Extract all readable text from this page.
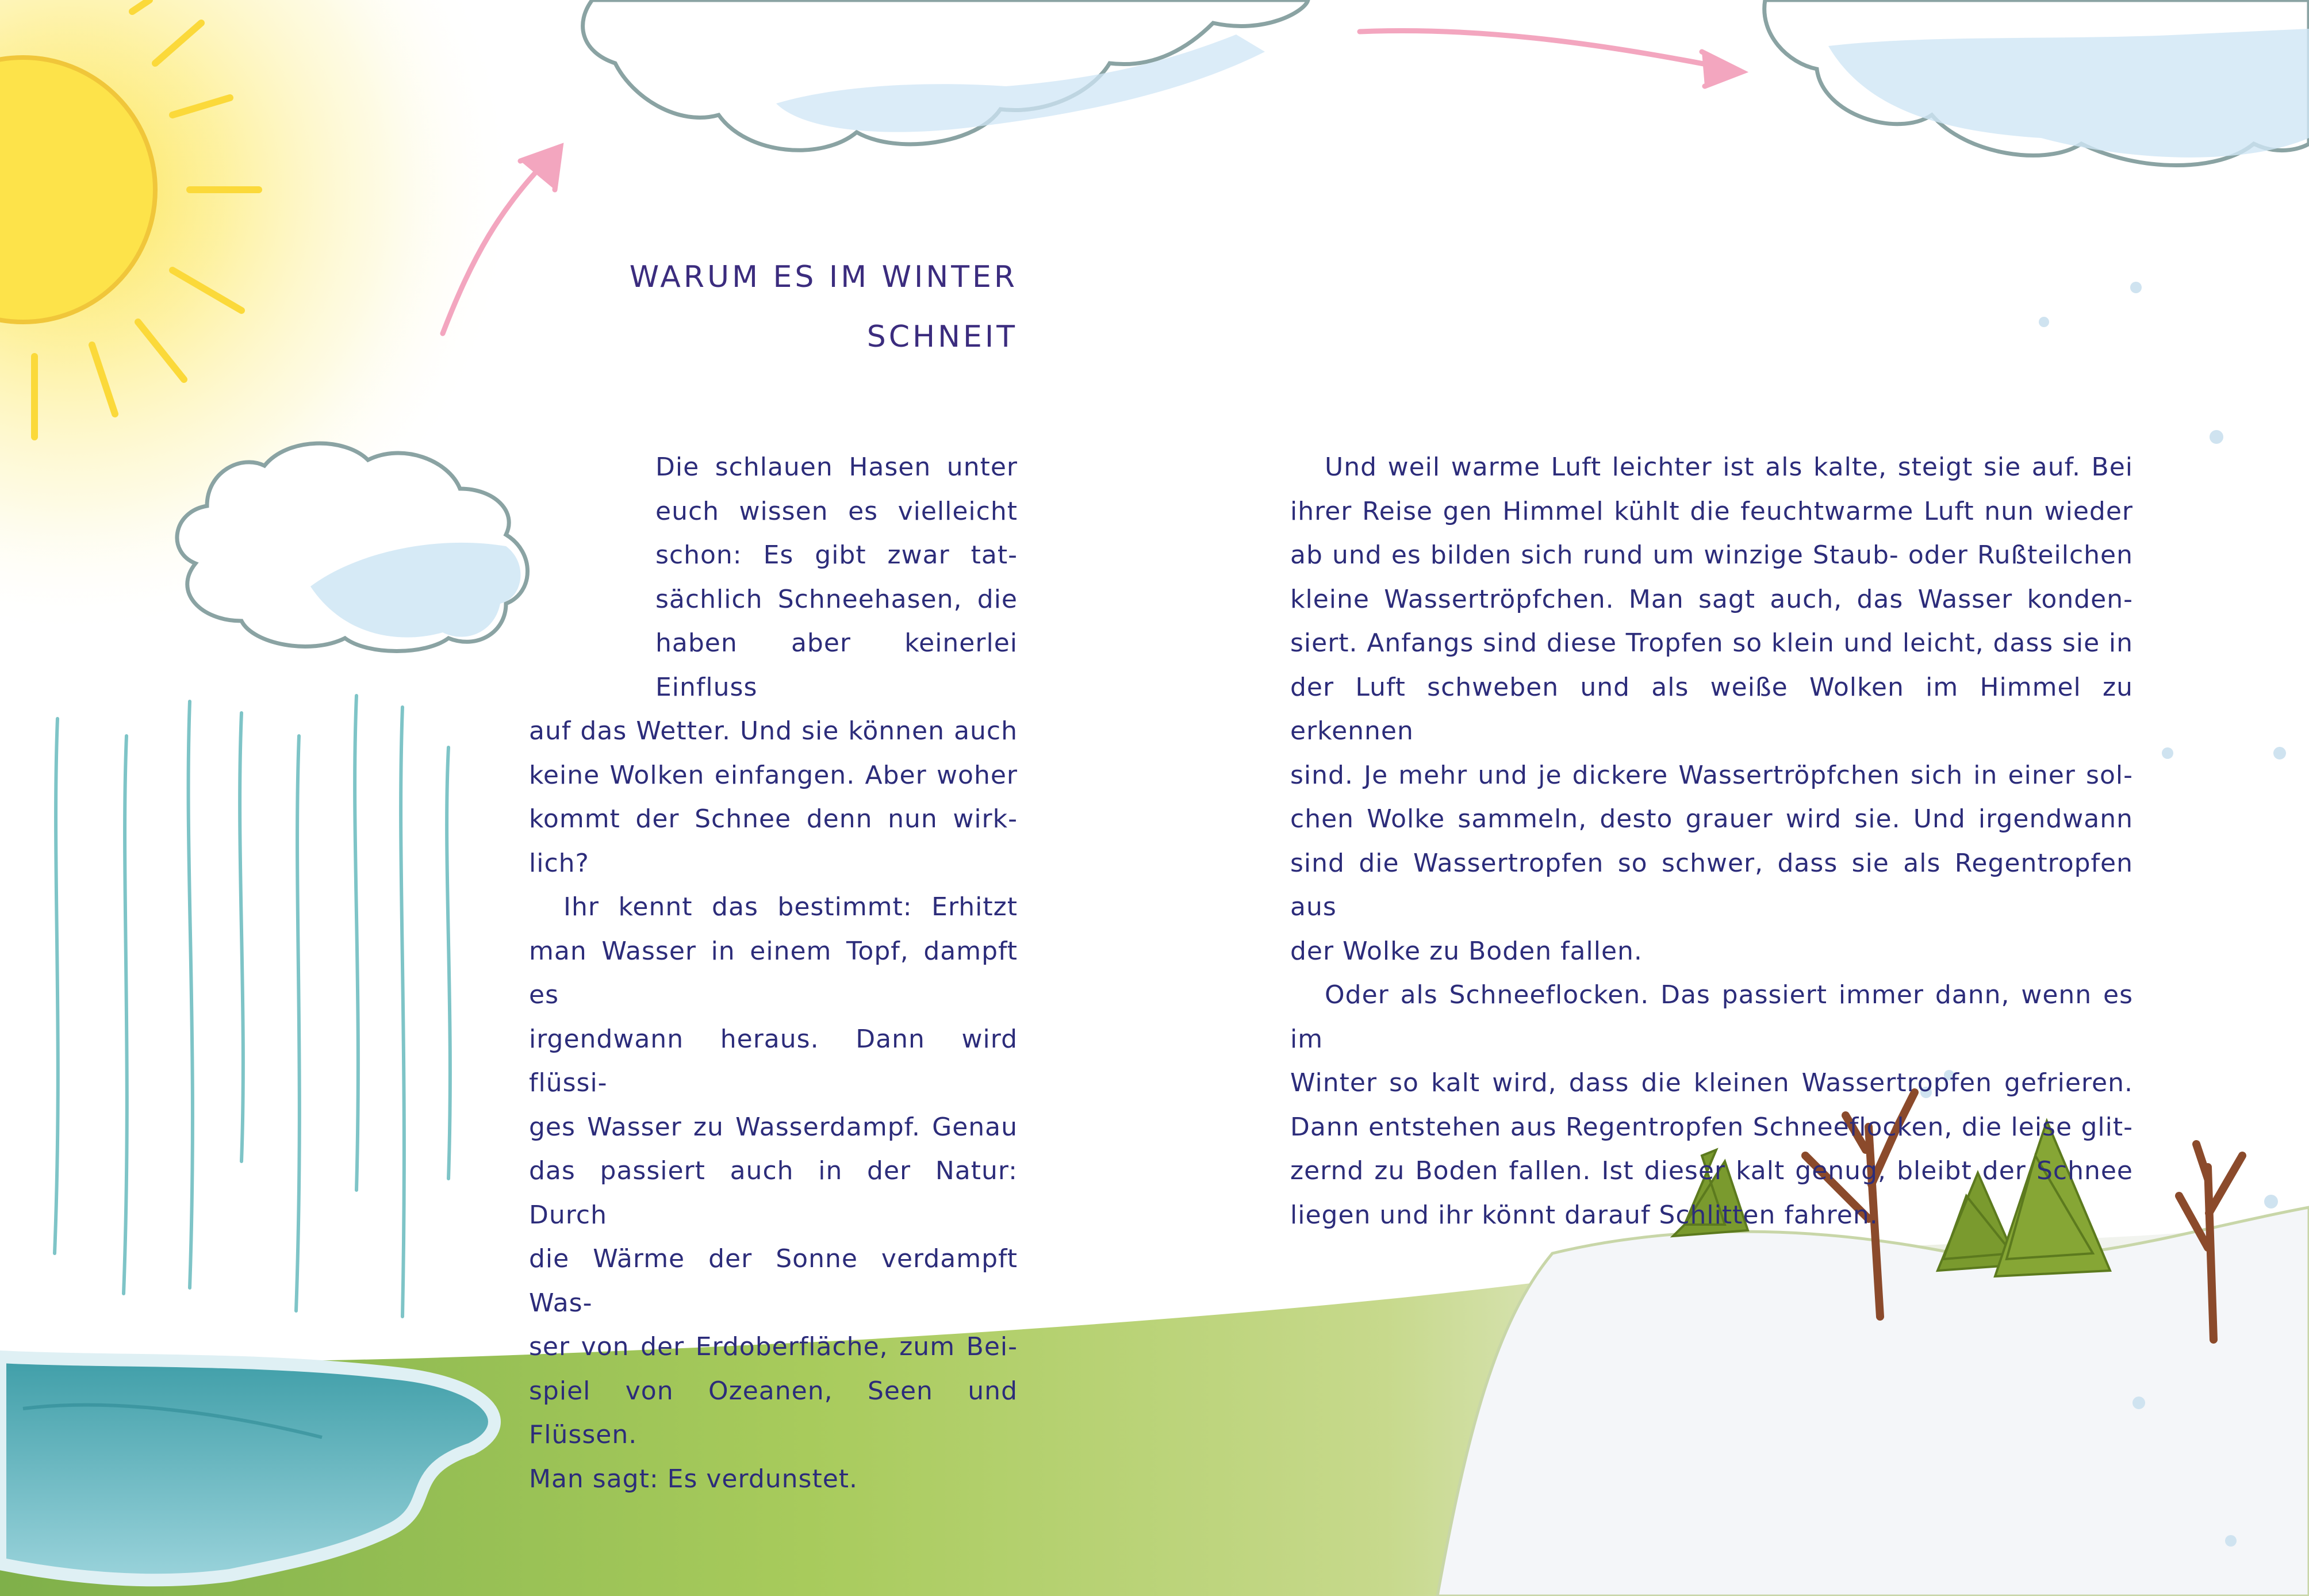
WARUM ES IM WINTER
SCHNEIT

Die schlauen Hasen unter

euch wissen es vielleicht

schon: Es gibt zwar tat-

sächlich Schneehasen, die

haben aber keinerlei Einfluss

auf das Wetter. Und sie können auch

keine Wolken einfangen. Aber woher

kommt der Schnee denn nun wirk-

lich?

Ihr kennt das bestimmt: Erhitzt

man Wasser in einem Topf, dampft es

irgendwann heraus. Dann wird flüssi-

ges Wasser zu Wasserdampf. Genau

das passiert auch in der Natur: Durch

die Wärme der Sonne verdampft Was-

ser von der Erdoberfläche, zum Bei-

spiel von Ozeanen, Seen und Flüssen.

Man sagt: Es verdunstet.

Und weil warme Luft leichter ist als kalte, steigt sie auf. Bei

ihrer Reise gen Himmel kühlt die feuchtwarme Luft nun wieder

ab und es bilden sich rund um winzige Staub- oder Rußteilchen

kleine Wassertröpfchen. Man sagt auch, das Wasser konden-

siert. Anfangs sind diese Tropfen so klein und leicht, dass sie in

der Luft schweben und als weiße Wolken im Himmel zu erkennen

sind. Je mehr und je dickere Wassertröpfchen sich in einer sol-

chen Wolke sammeln, desto grauer wird sie. Und irgendwann

sind die Wassertropfen so schwer, dass sie als Regentropfen aus

der Wolke zu Boden fallen.

Oder als Schneeflocken. Das passiert immer dann, wenn es im

Winter so kalt wird, dass die kleinen Wassertropfen gefrieren.

Dann entstehen aus Regentropfen Schneeflocken, die leise glit-

zernd zu Boden fallen. Ist dieser kalt genug, bleibt der Schnee

liegen und ihr könnt darauf Schlitten fahren.
